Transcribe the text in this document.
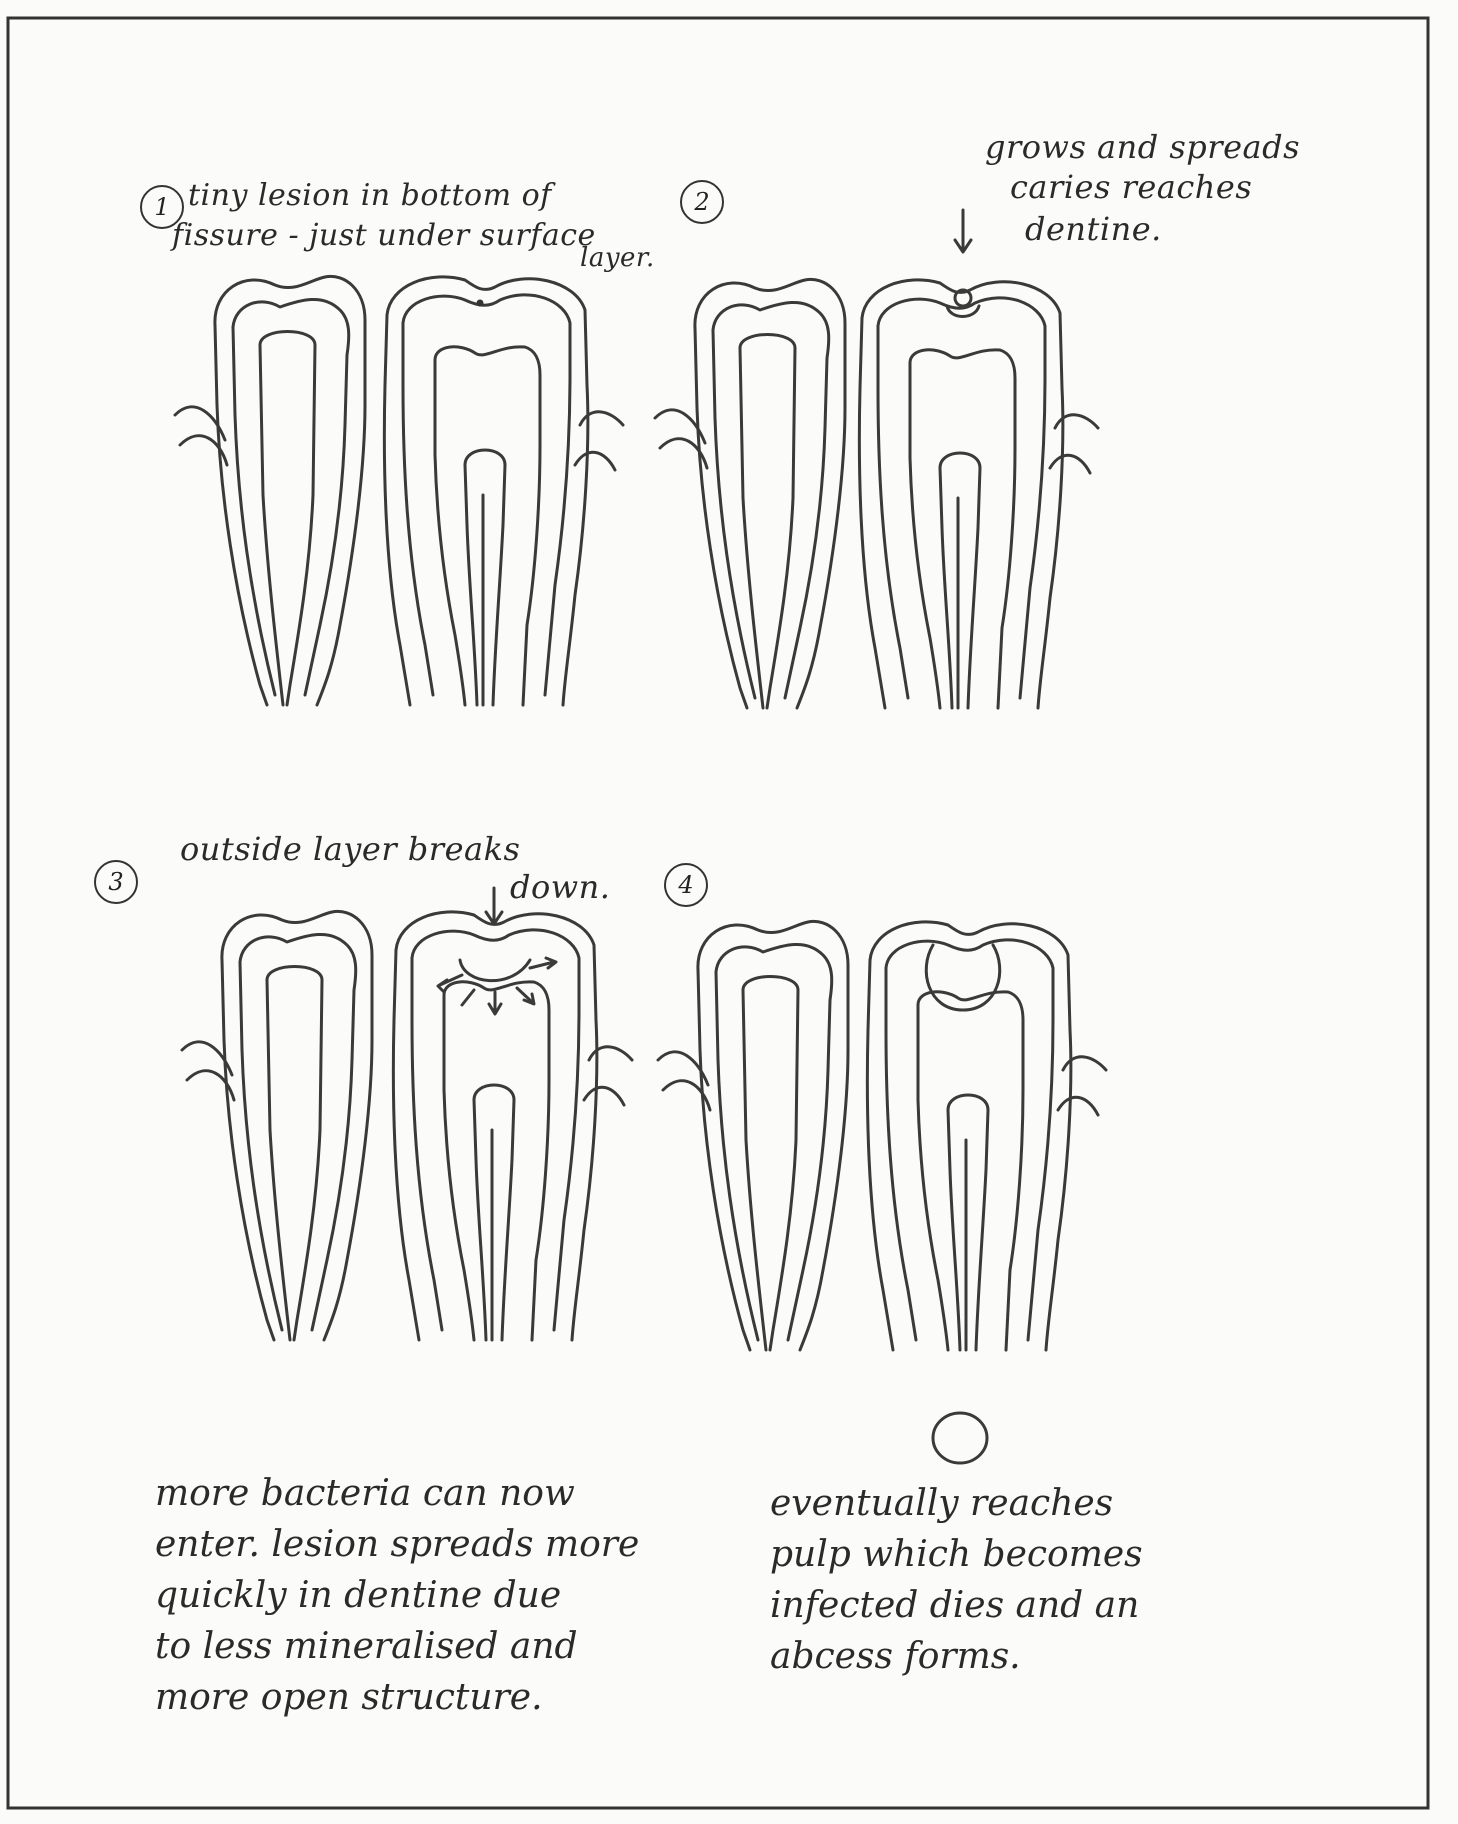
1	2
3	4
tiny lesion in bottom of
fissure - just under surface
layer.
grows and spreads
caries reaches
dentine.
outside layer breaks
down.
more bacteria can now
enter. lesion spreads more
quickly in dentine due
to less mineralised and
more open structure.
eventually reaches
pulp which becomes
infected dies and an
abcess forms.
